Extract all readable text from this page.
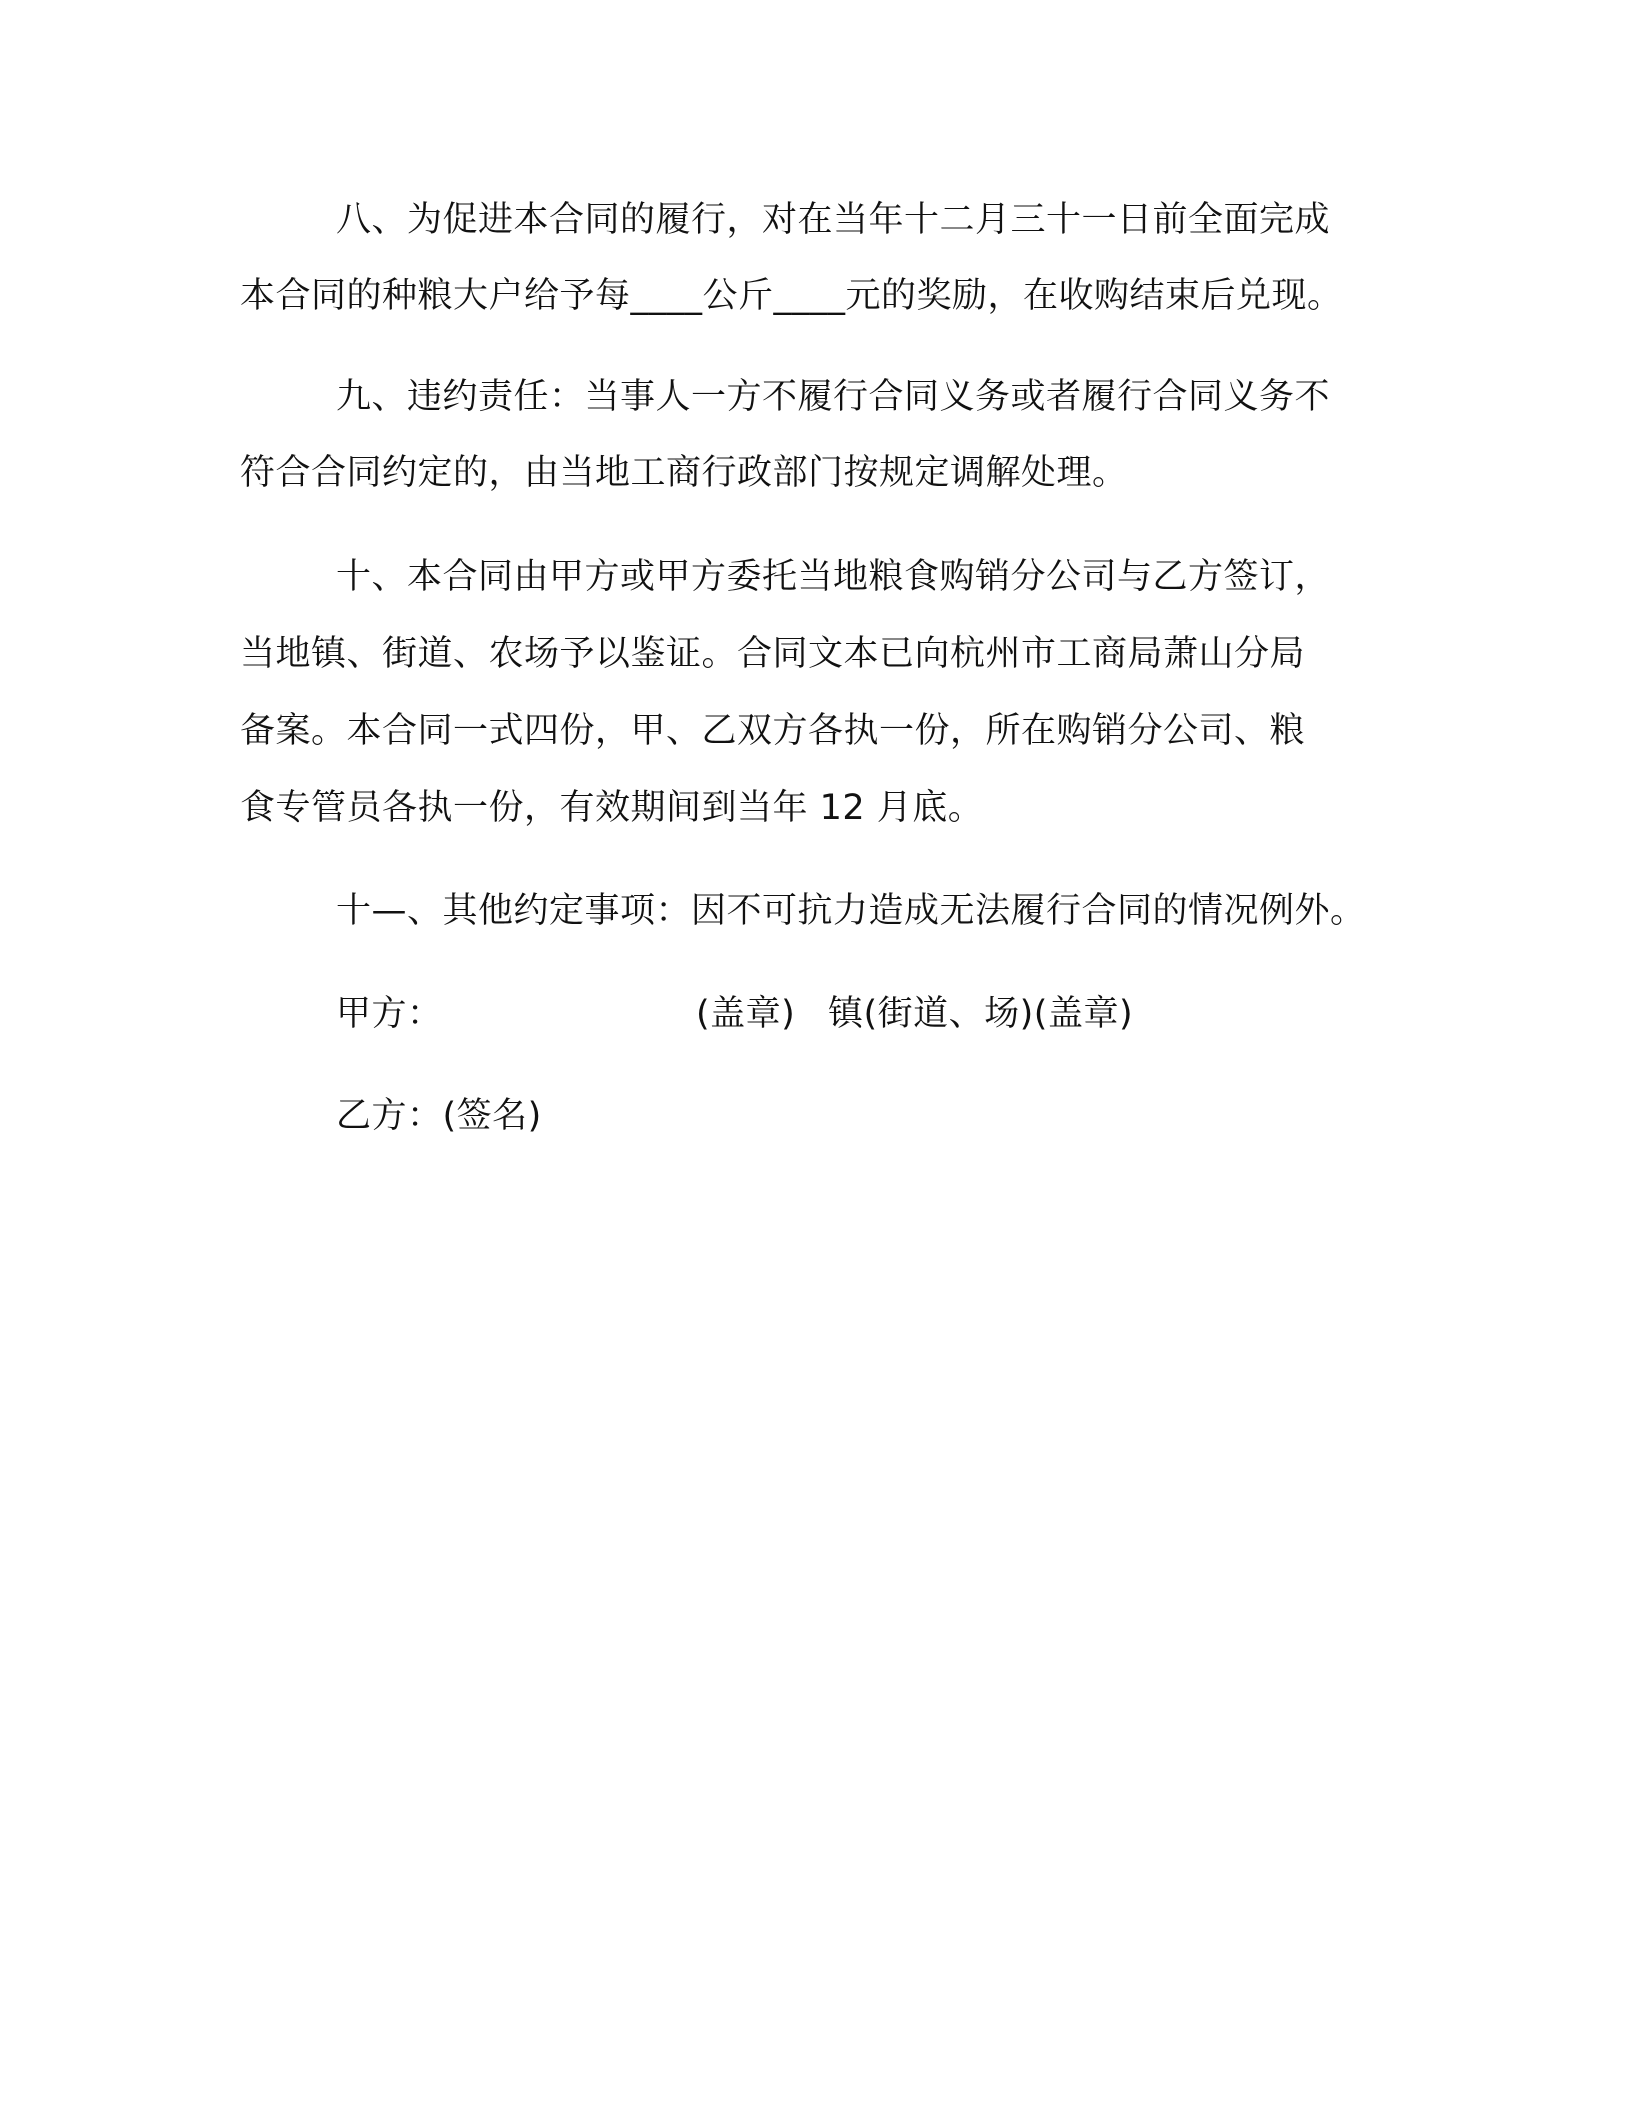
八、为促进本合同的履行，对在当年十二月三十一日前全面完成
本合同的种粮大户给予每____公斤____元的奖励，在收购结束后兑现。
九、违约责任：当事人一方不履行合同义务或者履行合同义务不
符合合同约定的，由当地工商行政部门按规定调解处理。
十、本合同由甲方或甲方委托当地粮食购销分公司与乙方签订，
当地镇、街道、农场予以鉴证。合同文本已向杭州市工商局萧山分局
备案。本合同一式四份，甲、乙双方各执一份，所在购销分公司、粮
食专管员各执一份，有效期间到当年 12 月底。
十—、其他约定事项：因不可抗力造成无法履行合同的情况例外。
甲方：	(盖章) 镇(街道、场)(盖章)
乙方：(签名)
